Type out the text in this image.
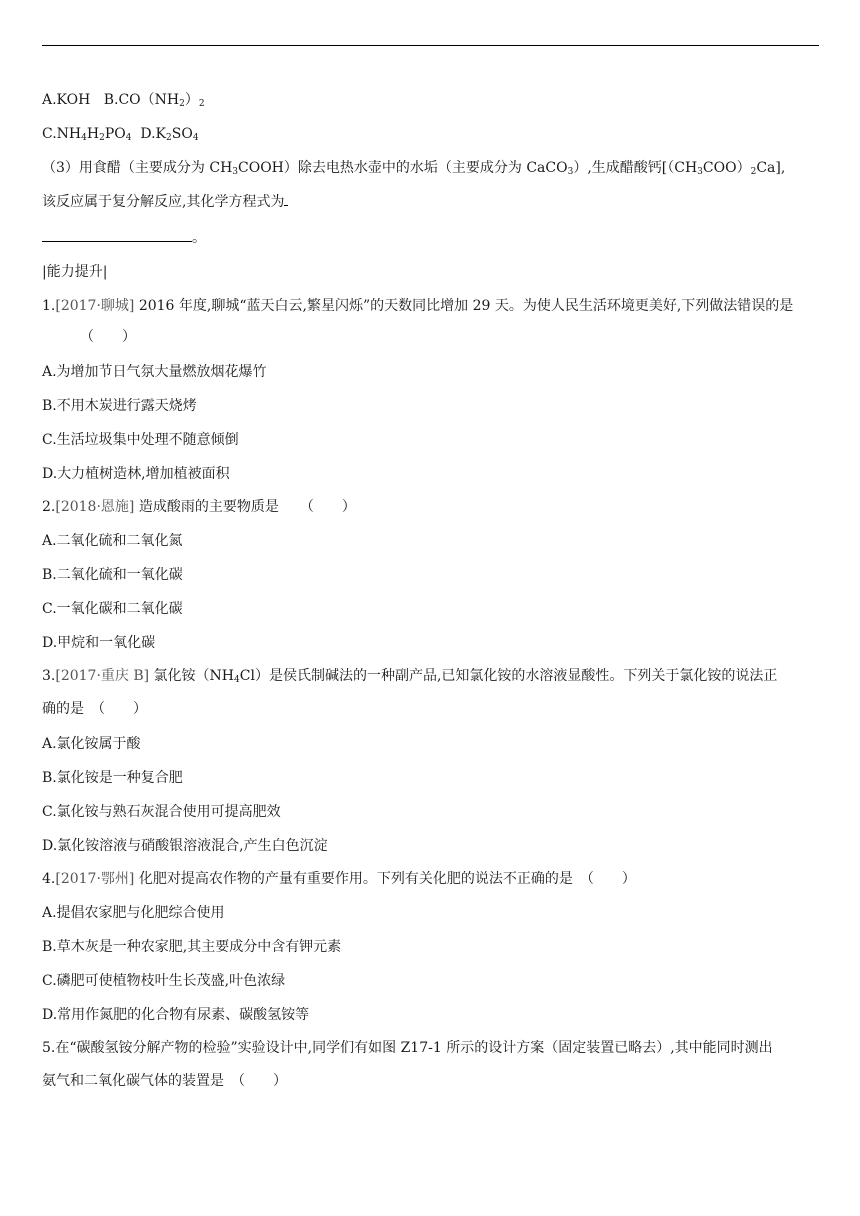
A.KOH $B.CO(NH_2)_2$
$C.NH_4H_2PO_4$ $D.K_2SO_4$
（3）用食醋（主要成分为 $CH_3COOH$）除去电热水壶中的水垢（主要成分为 CaCO$_3$）,生成醋酸钙$[(CH_3COO)_2Ca]$,
该反应属于复分解反应,其化学方程式为
。
|能力提升|
1.[2017·聊城] 2016 年度,聊城“蓝天白云,繁星闪烁”的天数同比增加 29 天。为使人民生活环境更美好,下列做法错误的是
（　　）
A.为增加节日气氛大量燃放烟花爆竹
B.不用木炭进行露天烧烤
C.生活垃圾集中处理不随意倾倒
D.大力植树造林,增加植被面积
2.[2018·恩施] 造成酸雨的主要物质是　　（　　）
A.二氧化硫和二氧化氮
B.二氧化硫和一氧化碳
C.一氧化碳和二氧化碳
D.甲烷和一氧化碳
3.[2017·重庆 B] 氯化铵$(NH_4Cl)$是侯氏制碱法的一种副产品,已知氯化铵的水溶液显酸性。下列关于氯化铵的说法正
确的是　（　　）
A.氯化铵属于酸
B.氯化铵是一种复合肥
C.氯化铵与熟石灰混合使用可提高肥效
D.氯化铵溶液与硝酸银溶液混合,产生白色沉淀
4.[2017·鄂州] 化肥对提高农作物的产量有重要作用。下列有关化肥的说法不正确的是　（　　）
A.提倡农家肥与化肥综合使用
B.草木灰是一种农家肥,其主要成分中含有钾元素
C.磷肥可使植物枝叶生长茂盛,叶色浓绿
D.常用作氮肥的化合物有尿素、碳酸氢铵等
5.在“碳酸氢铵分解产物的检验”实验设计中,同学们有如图 Z17-1 所示的设计方案（固定装置已略去）,其中能同时测出
氨气和二氧化碳气体的装置是　（　　）
